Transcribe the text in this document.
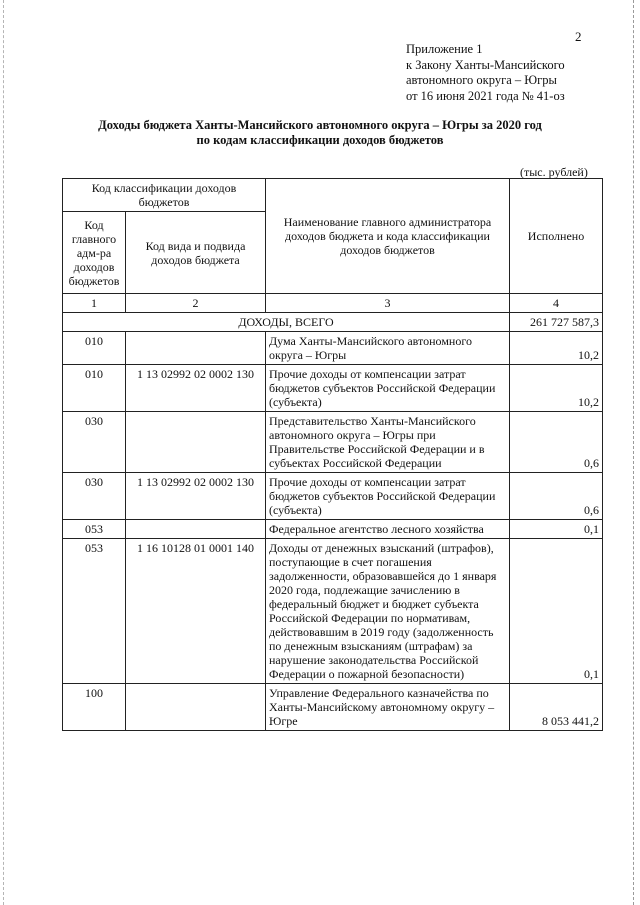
2
Приложение 1
к Закону Ханты-Мансийского
автономного округа – Югры
от 16 июня 2021 года № 41-оз
Доходы бюджета Ханты-Мансийского автономного округа – Югры за 2020 год
по кодам классификации доходов бюджетов
(тыс. рублей)
Код классификации доходов бюджетов		Наименование главного администратора доходов бюджета и кода классификации доходов бюджетов	Исполнено
Код главного адм-ра доходов бюджетов	Код вида и подвида доходов бюджета		
1	2	3	4
ДОХОДЫ, ВСЕГО			261 727 587,3
010		Дума Ханты-Мансийского автономного округа – Югры	10,2
010	1 13 02992 02 0002 130	Прочие доходы от компенсации затрат бюджетов субъектов Российской Федерации (субъекта)	10,2
030		Представительство Ханты-Мансийского автономного округа – Югры при Правительстве Российской Федерации и в субъектах Российской Федерации	0,6
030	1 13 02992 02 0002 130	Прочие доходы от компенсации затрат бюджетов субъектов Российской Федерации (субъекта)	0,6
053		Федеральное агентство лесного хозяйства	0,1
053	1 16 10128 01 0001 140	Доходы от денежных взысканий (штрафов), поступающие в счет погашения задолженности, образовавшейся до 1 января 2020 года, подлежащие зачислению в федеральный бюджет и бюджет субъекта Российской Федерации по нормативам, действовавшим в 2019 году (задолженность по денежным взысканиям (штрафам) за нарушение законодательства Российской Федерации о пожарной безопасности)	0,1
100		Управление Федерального казначейства по Ханты-Мансийскому автономному округу – Югре	8 053 441,2
